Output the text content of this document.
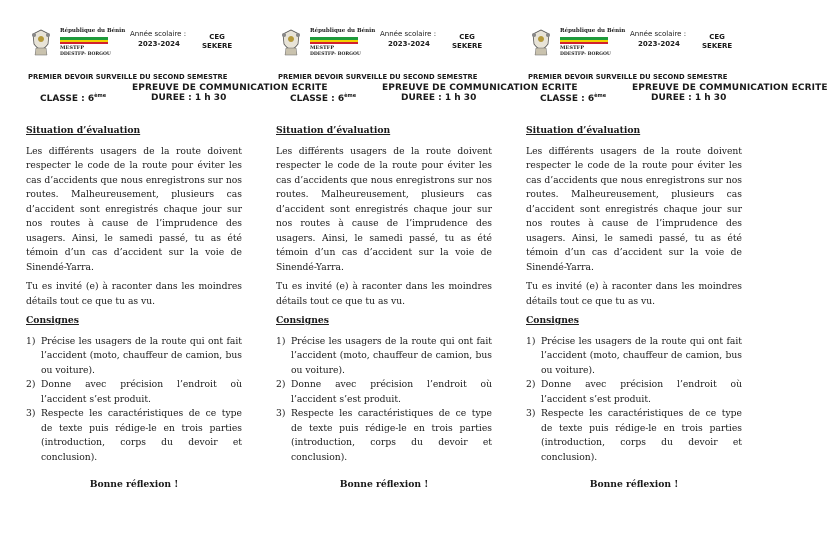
République du Bénin
MESTFP
DDESTFP- BORGOU
Année scolaire :
2023-2024
CEG
SEKERE
PREMIER DEVOIR SURVEILLE DU SECOND SEMESTRE
EPREUVE DE COMMUNICATION ECRITE
CLASSE : 6ème	DUREE : 1 h 30
Situation d’évaluation
Les différents usagers de la route doivent respecter le code de la route pour éviter les cas d’accidents que nous enregistrons sur nos routes. Malheureusement, plusieurs cas d’accident sont enregistrés chaque jour sur nos routes à cause de l’imprudence des usagers. Ainsi, le samedi passé, tu as été témoin d’un cas d’accident sur la voie de Sinendé-Yarra.
Tu es invité (e) à raconter dans les moindres détails tout ce que tu as vu.
Consignes
1) Précise les usagers de la route qui ont fait l’accident (moto, chauffeur de camion, bus ou voiture).
2) Donne avec précision l’endroit où l’accident s’est produit.
3) Respecte les caractéristiques de ce type de texte puis rédige-le en trois parties (introduction, corps du devoir et conclusion).
Bonne réflexion !
République du Bénin
MESTFP
DDESTFP- BORGOU
Année scolaire :
2023-2024
CEG
SEKERE
PREMIER DEVOIR SURVEILLE DU SECOND SEMESTRE
EPREUVE DE COMMUNICATION ECRITE
CLASSE : 6ème	DUREE : 1 h 30
Situation d’évaluation
Les différents usagers de la route doivent respecter le code de la route pour éviter les cas d’accidents que nous enregistrons sur nos routes. Malheureusement, plusieurs cas d’accident sont enregistrés chaque jour sur nos routes à cause de l’imprudence des usagers. Ainsi, le samedi passé, tu as été témoin d’un cas d’accident sur la voie de Sinendé-Yarra.
Tu es invité (e) à raconter dans les moindres détails tout ce que tu as vu.
Consignes
1) Précise les usagers de la route qui ont fait l’accident (moto, chauffeur de camion, bus ou voiture).
2) Donne avec précision l’endroit où l’accident s’est produit.
3) Respecte les caractéristiques de ce type de texte puis rédige-le en trois parties (introduction, corps du devoir et conclusion).
Bonne réflexion !
République du Bénin
MESTFP
DDESTFP- BORGOU
Année scolaire :
2023-2024
CEG
SEKERE
PREMIER DEVOIR SURVEILLE DU SECOND SEMESTRE
EPREUVE DE COMMUNICATION ECRITE
CLASSE : 6ème	DUREE : 1 h 30
Situation d’évaluation
Les différents usagers de la route doivent respecter le code de la route pour éviter les cas d’accidents que nous enregistrons sur nos routes. Malheureusement, plusieurs cas d’accident sont enregistrés chaque jour sur nos routes à cause de l’imprudence des usagers. Ainsi, le samedi passé, tu as été témoin d’un cas d’accident sur la voie de Sinendé-Yarra.
Tu es invité (e) à raconter dans les moindres détails tout ce que tu as vu.
Consignes
1) Précise les usagers de la route qui ont fait l’accident (moto, chauffeur de camion, bus ou voiture).
2) Donne avec précision l’endroit où l’accident s’est produit.
3) Respecte les caractéristiques de ce type de texte puis rédige-le en trois parties (introduction, corps du devoir et conclusion).
Bonne réflexion !
